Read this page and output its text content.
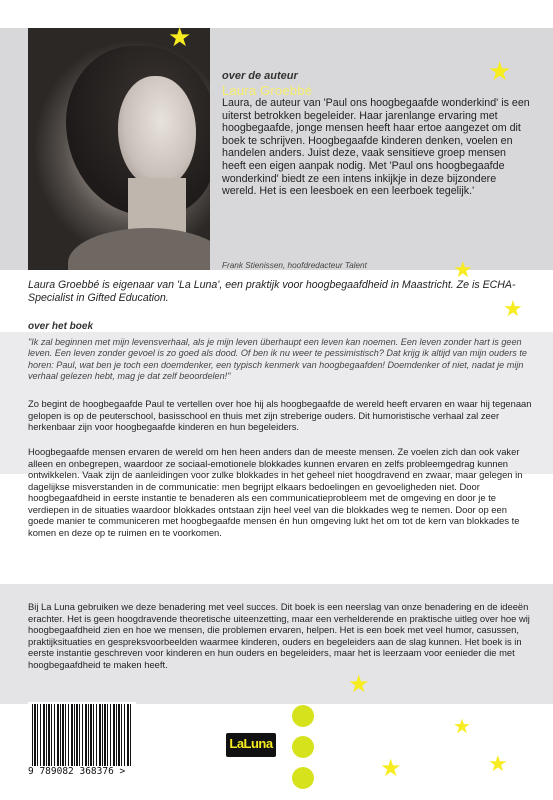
over de auteur
Laura Groebbé
Laura, de auteur van 'Paul ons hoogbegaafde wonderkind' is een uiterst betrokken begeleider. Haar jarenlange ervaring met hoogbegaafde, jonge mensen heeft haar ertoe aangezet om dit boek te schrijven. Hoogbegaafde kinderen denken, voelen en handelen anders. Juist deze, vaak sensitieve groep mensen heeft een eigen aanpak nodig. Met 'Paul ons hoogbegaafde wonderkind' biedt ze een intens inkijkje in deze bijzondere wereld. Het is een leesboek en een leerboek tegelijk.'
Frank Stienissen, hoofdredacteur Talent
Laura Groebbé is eigenaar van 'La Luna', een praktijk voor hoogbegaafdheid in Maastricht. Ze is ECHA-Specialist in Gifted Education.
over het boek
"Ik zal beginnen met mijn levensverhaal, als je mijn leven überhaupt een leven kan noemen. Een leven zonder hart is geen leven. Een leven zonder gevoel is zo goed als dood. Of ben ik nu weer te pessimistisch? Dat krijg ik altijd van mijn ouders te horen: Paul, wat ben je toch een doemdenker, een typisch kenmerk van hoogbegaafden! Doemdenker of niet, nadat je mijn verhaal gelezen hebt, mag je dat zelf beoordelen!"
Zo begint de hoogbegaafde Paul te vertellen over hoe hij als hoogbegaafde de wereld heeft ervaren en waar hij tegenaan gelopen is op de peuterschool, basisschool en thuis met zijn streberige ouders. Dit humoristische verhaal zal zeer herkenbaar zijn voor hoogbegaafde kinderen en hun begeleiders.
Hoogbegaafde mensen ervaren de wereld om hen heen anders dan de meeste mensen. Ze voelen zich dan ook vaker alleen en onbegrepen, waardoor ze sociaal-emotionele blokkades kunnen ervaren en zelfs probleemgedrag kunnen ontwikkelen. Vaak zijn de aanleidingen voor zulke blokkades in het geheel niet hoogdravend en zwaar, maar gelegen in dagelijkse misverstanden in de communicatie: men begrijpt elkaars bedoelingen en gevoeligheden niet. Door hoogbegaafdheid in eerste instantie te benaderen als een communicatieprobleem met de omgeving en door je te verdiepen in de situaties waardoor blokkades ontstaan zijn heel veel van die blokkades weg te nemen. Door op een goede manier te communiceren met hoogbegaafde mensen én hun omgeving lukt het om tot de kern van blokkades te komen en deze op te ruimen en te voorkomen.
Bij La Luna gebruiken we deze benadering met veel succes. Dit boek is een neerslag van onze benadering en de ideeën erachter. Het is geen hoogdravende theoretische uiteenzetting, maar een verhelderende en praktische uitleg over hoe wij hoogbegaafdheid zien en hoe we mensen, die problemen ervaren, helpen. Het is een boek met veel humor, casussen, praktijksituaties en gespreksvoorbeelden waarmee kinderen, ouders en begeleiders aan de slag kunnen. Het boek is in eerste instantie geschreven voor kinderen en hun ouders en begeleiders, maar het is leerzaam voor eenieder die met hoogbegaafdheid te maken heeft.
★
★
★
★
★
★
★	★
9 789082 368376 >
LaLuna
